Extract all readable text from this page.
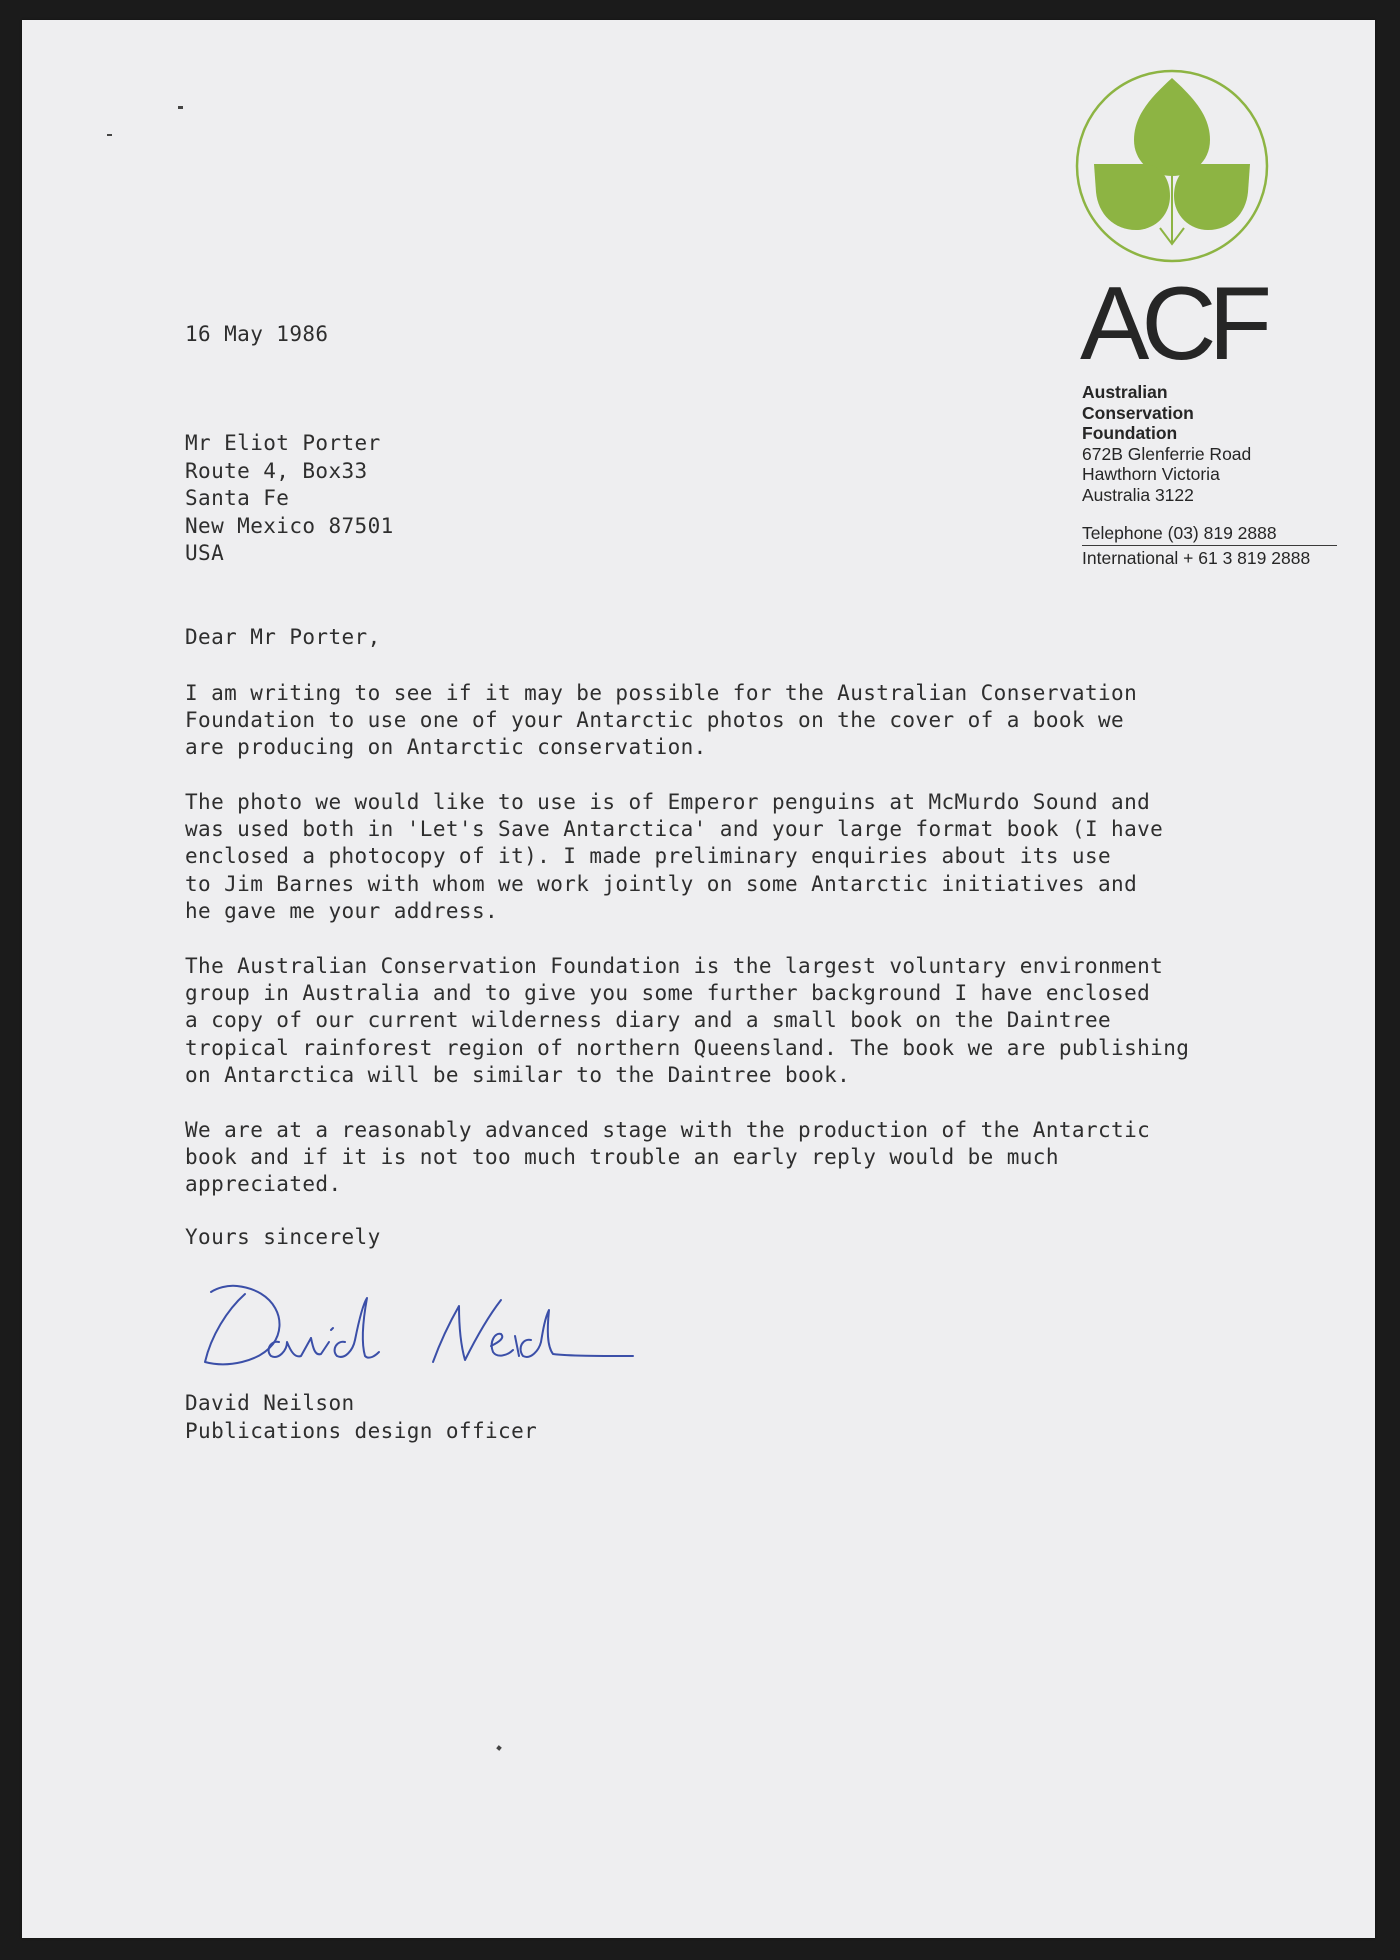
ACF
Australian
Conservation
Foundation
672B Glenferrie Road
Hawthorn Victoria
Australia 3122
Telephone (03) 819 2888
International + 61 3 819 2888

16 May 1986

Mr Eliot Porter
Route 4, Box33
Santa Fe
New Mexico 87501
USA

Dear Mr Porter,

I am writing to see if it may be possible for the Australian Conservation
Foundation to use one of your Antarctic photos on the cover of a book we
are producing on Antarctic conservation.
The photo we would like to use is of Emperor penguins at McMurdo Sound and
was used both in 'Let's Save Antarctica' and your large format book (I have
enclosed a photocopy of it). I made preliminary enquiries about its use
to Jim Barnes with whom we work jointly on some Antarctic initiatives and
he gave me your address.
The Australian Conservation Foundation is the largest voluntary environment
group in Australia and to give you some further background I have enclosed
a copy of our current wilderness diary and a small book on the Daintree
tropical rainforest region of northern Queensland. The book we are publishing
on Antarctica will be similar to the Daintree book.
We are at a reasonably advanced stage with the production of the Antarctic
book and if it is not too much trouble an early reply would be much
appreciated.

Yours sincerely

David Neilson
Publications design officer
